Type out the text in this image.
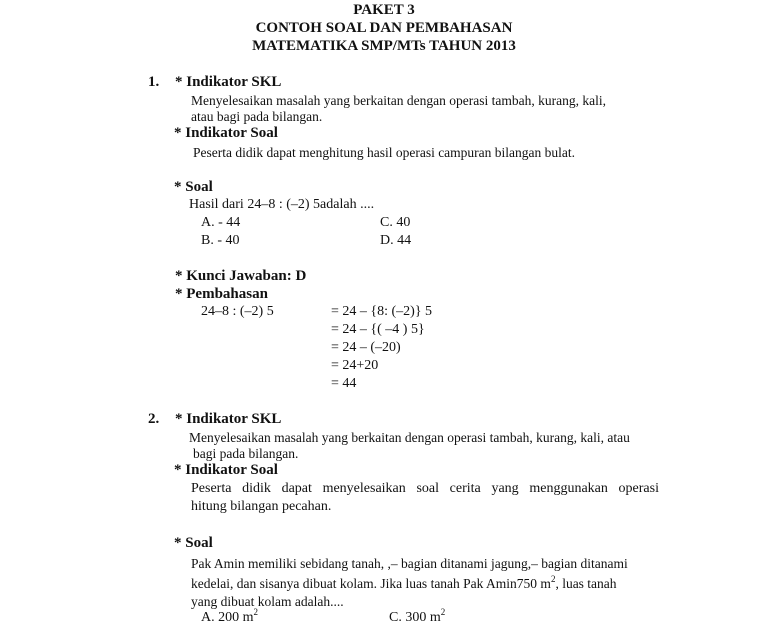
PAKET 3
CONTOH SOAL DAN PEMBAHASAN
MATEMATIKA SMP/MTs TAHUN 2013
1. * Indikator SKL
Menyelesaikan masalah yang berkaitan dengan operasi tambah, kurang, kali,
atau bagi pada bilangan.
* Indikator Soal
Peserta didik dapat menghitung hasil operasi campuran bilangan bulat.
* Soal
Hasil dari 24–8 : (–2) 5adalah ....
A. - 44	C. 40
B. - 40	D. 44
* Kunci Jawaban: D
* Pembahasan
24–8 : (–2) 5	= 24 – {8: (–2)} 5
= 24 – {( –4 ) 5}
= 24 – (–20)
= 24+20
= 44
2. * Indikator SKL
Menyelesaikan masalah yang berkaitan dengan operasi tambah, kurang, kali, atau
bagi pada bilangan.
* Indikator Soal
Peserta didik dapat menyelesaikan soal cerita yang menggunakan operasi
hitung bilangan pecahan.
* Soal
Pak Amin memiliki sebidang tanah, ,– bagian ditanami jagung,– bagian ditanami
kedelai, dan sisanya dibuat kolam. Jika luas tanah Pak Amin750 $m^2$, luas tanah
yang dibuat kolam adalah....
A. 200 $m^2$	C. 300 $m^2$
